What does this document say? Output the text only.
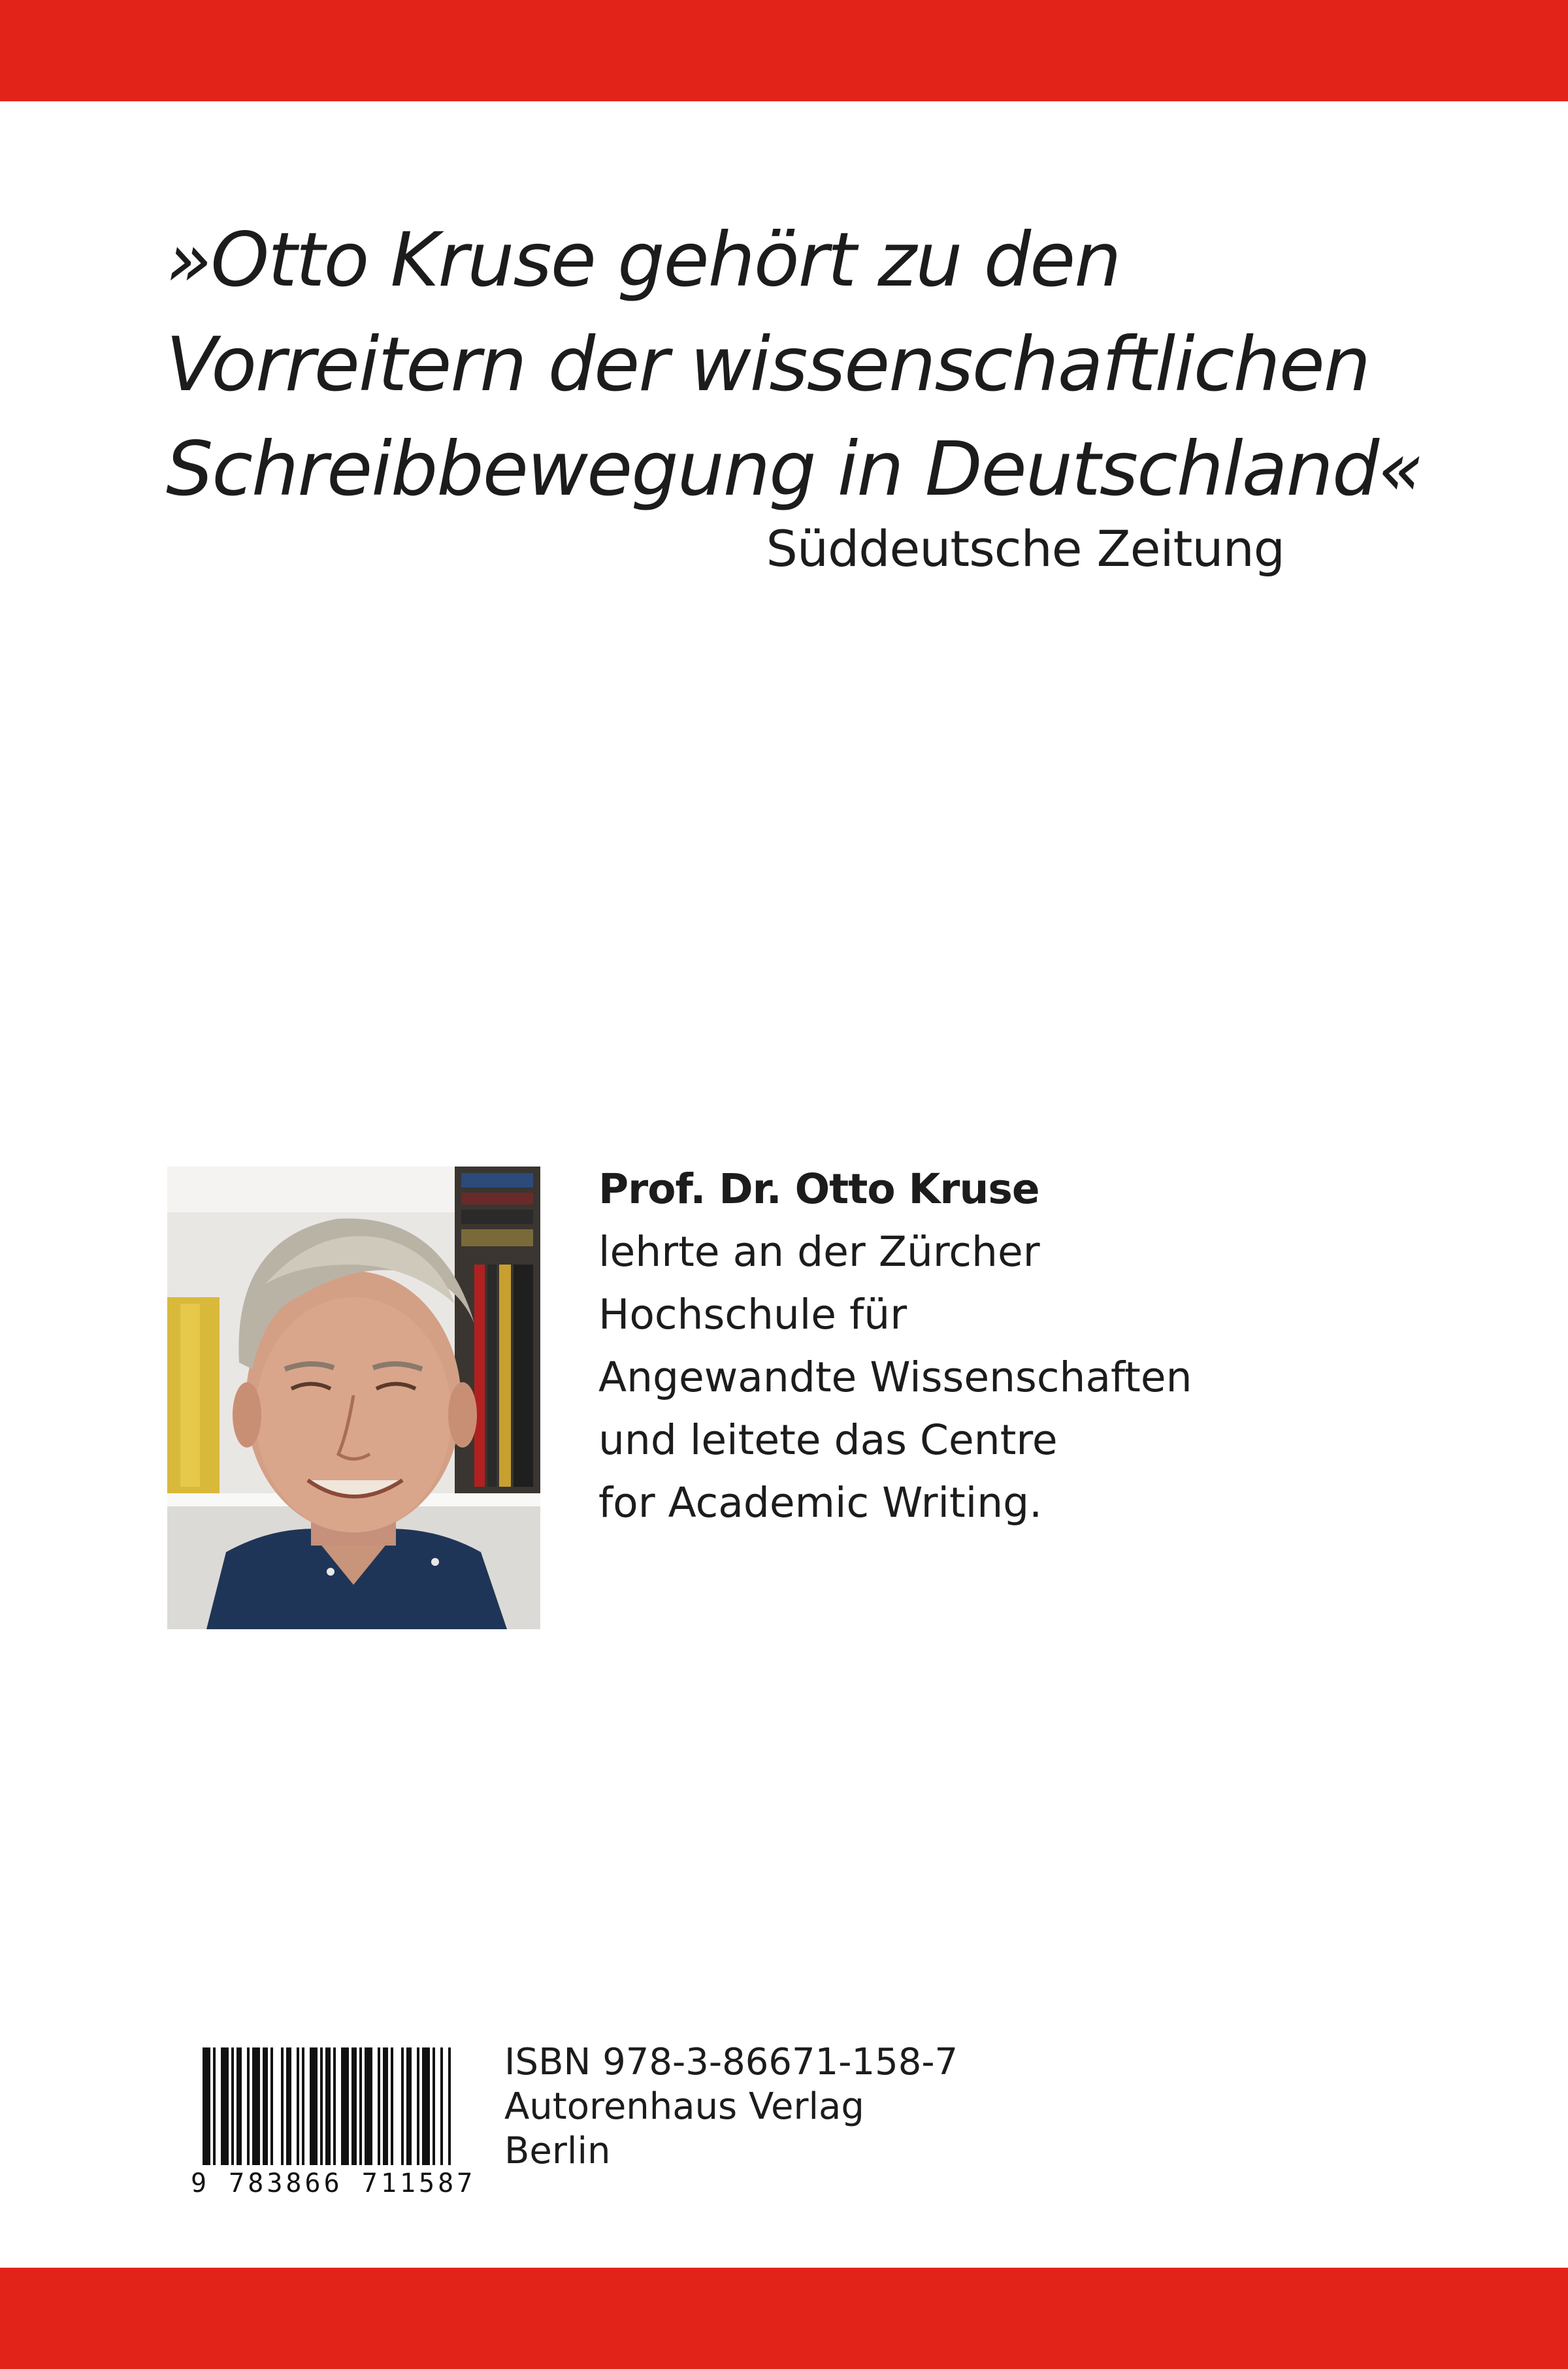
»Otto Kruse gehört zu den
Vorreitern der wissenschaftlichen
Schreibbewegung in Deutschland«
Süddeutsche Zeitung
Prof. Dr. Otto Kruse
lehrte an der Zürcher
Hochschule für
Angewandte Wissenschaften
und leitete das Centre
for Academic Writing.
9 783866 711587
ISBN 978-3-86671-158-7
Autorenhaus Verlag
Berlin
